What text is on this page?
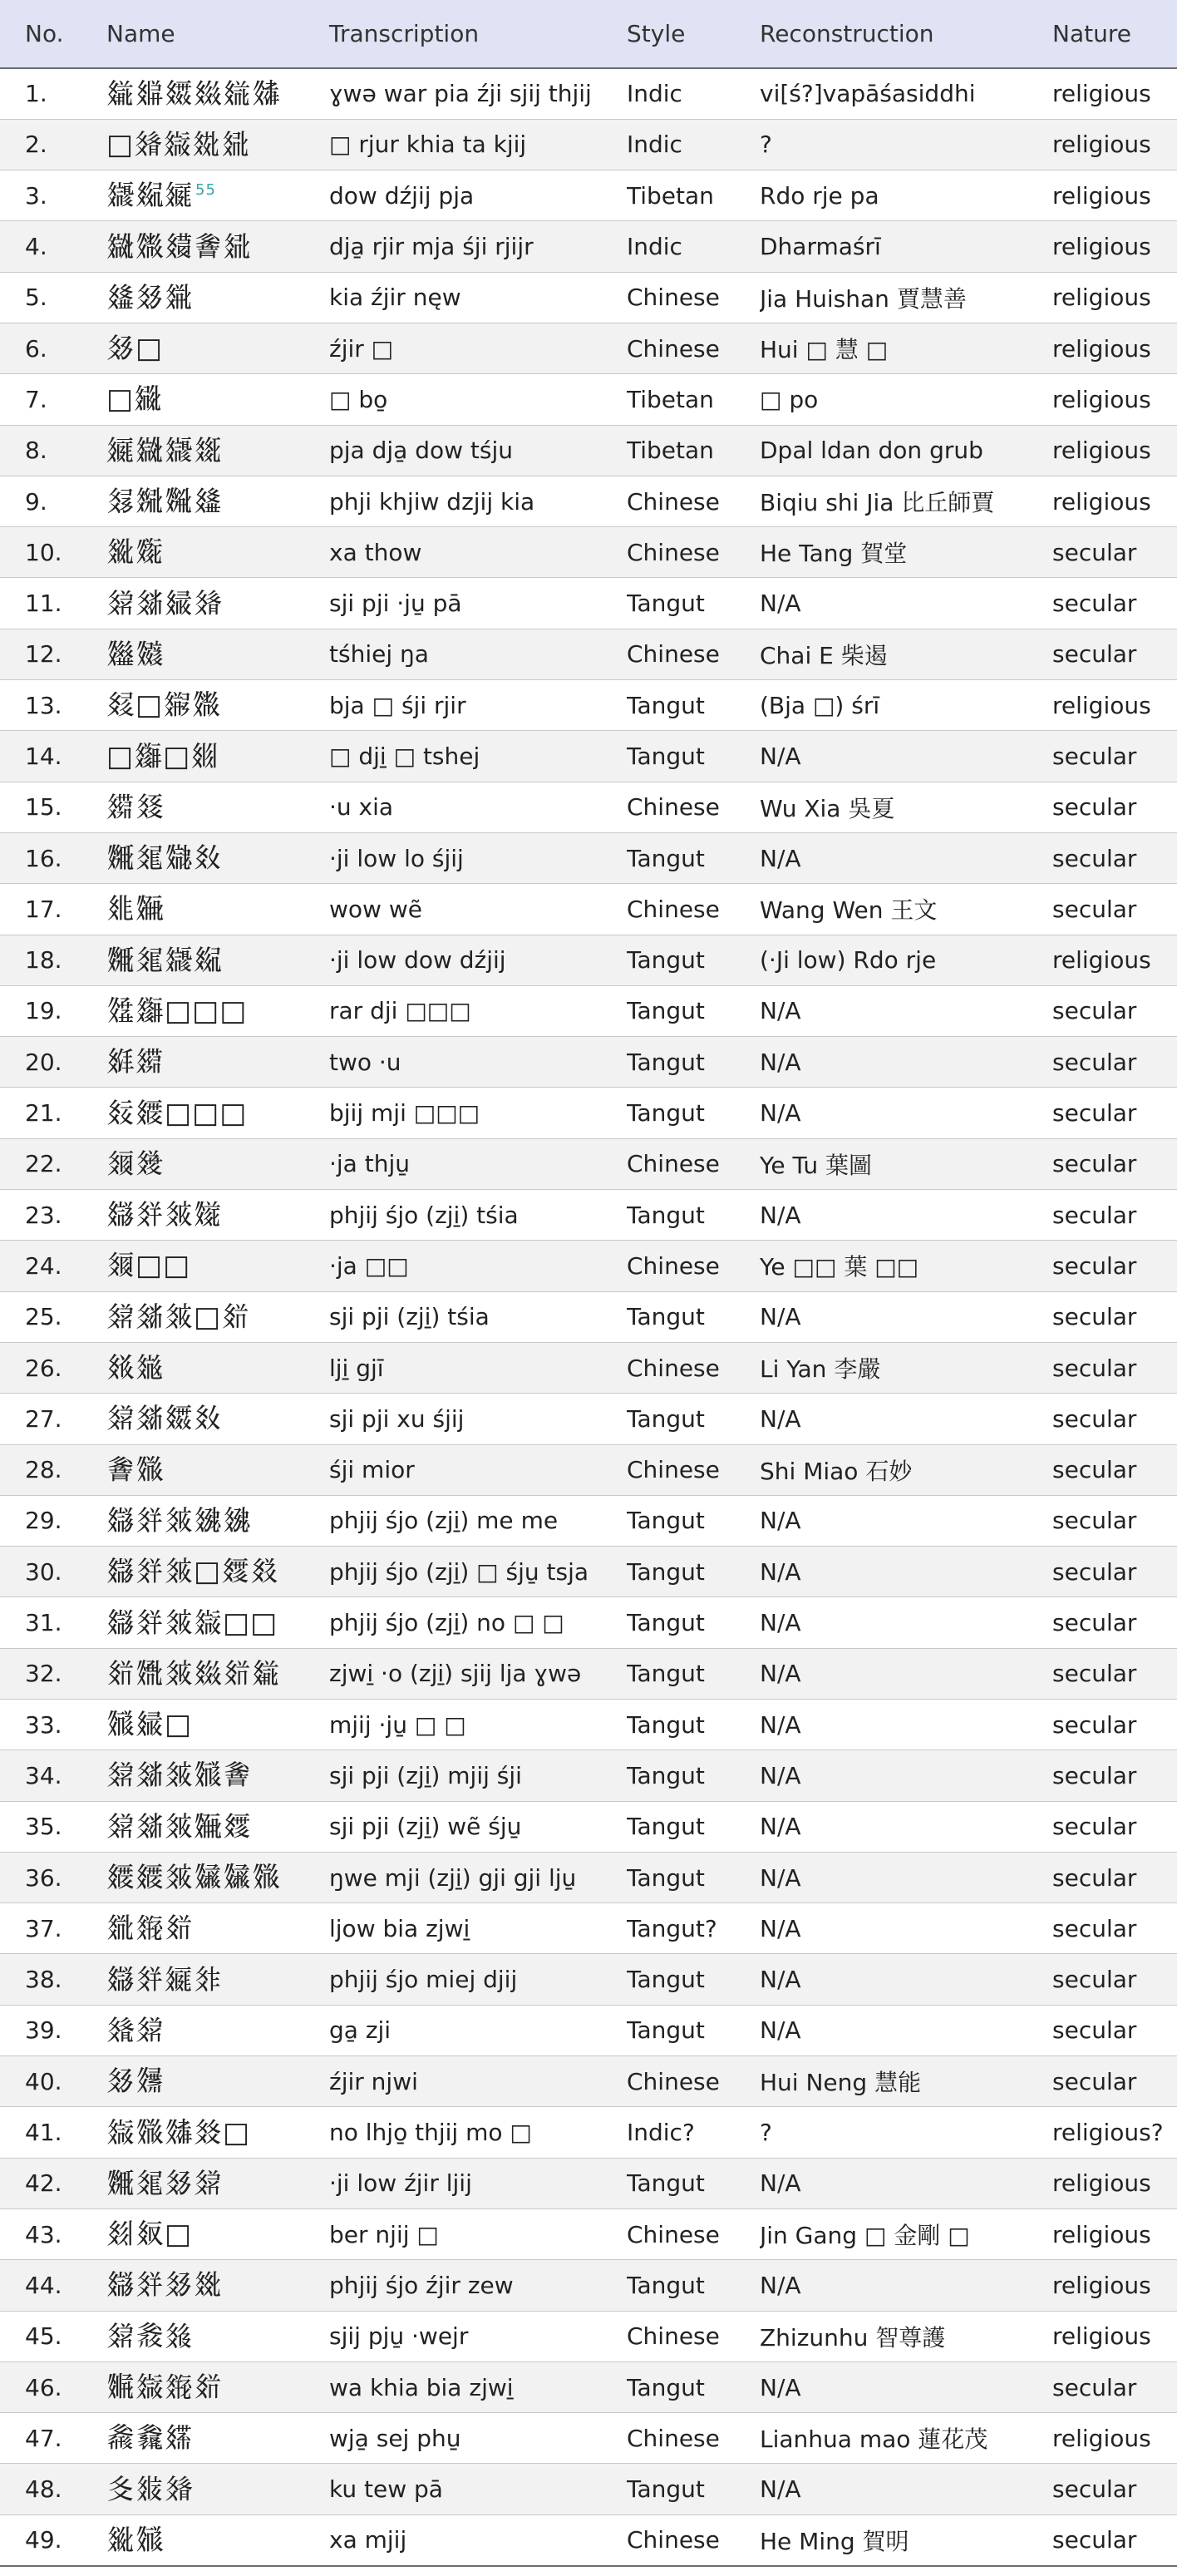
No.	Name	Transcription	Style	Reconstruction	Nature
1.	𗿧𗾺𗿱𗾾𗿂𗽊	ɣwə war pia źji sjij thjij	Indic	vi[ś?]vapāśasiddhi	religious
2.	□𗾼𗿤𗾱𗾦	□ rjur khia ta kjij	Indic	?	religious
3.	𗿼𗾿𗿲 $^{55}$	dow dźjij pja	Tibetan	Rdo rje pa	religious
4.	𗿵𗽯𗿢𗾁𗾦	dja̱ rjir mja śji rjijr	Indic	Dharmaśrī	religious
5.	𗿣𗾇𗿄	kia źjir nęw	Chinese	Jia Huishan 賈慧善	religious
6.	𗾇□	źjir □	Chinese	Hui □ 慧 □	religious
7.	□𗿶	□ bo̱	Tibetan	□ po	religious
8.	𗿲𗿵𗿼𗿔	pja dja̱ dow tśju	Tibetan	Dpal ldan don grub	religious
9.	𗾎𗿎𗽫𗿣	phji khjiw dzjij kia	Chinese	Biqiu shi Jia 比丘師賈	religious
10.	𗿇𗽰	xa thow	Chinese	He Tang 賀堂	secular
11.	𗿈𗾙𗿊𗾼	sji pji ·ju̱ pā	Tangut	N/A	secular
12.	𗽹𗽻	tśhiej ŋa	Chinese	Chai E 柴遏	secular
13.	𗾧□𗿙𗽯	bja □ śji rjir	Tangut	(Bja □) śrī	religious
14.	□𗿺□𗾞	□ dji̱ □ tshej	Tangut	N/A	secular
15.	𗿡𗾭	·u xia	Chinese	Wu Xia 吳夏	secular
16.	𗽪𗾷𗽬𗾈	·ji low lo śjij	Tangut	N/A	secular
17.	𗾓𗽷	wow wẽ	Chinese	Wang Wen 王文	secular
18.	𗽪𗾷𗿼𗾿	·ji low dow dźjij	Tangut	(·Ji low) Rdo rje	religious
19.	𗽩𗿺□□□	rar dji □□□	Tangut	N/A	secular
20.	𗾪𗿡	two ·u	Tangut	N/A	secular
21.	𗾐𗿟□□□	bjij mji □□□	Tangut	N/A	secular
22.	𗾬𗿛	·ja thju̱	Chinese	Ye Tu 葉圖	secular
23.	𗿕𗾗𗾣𗽭	phjij śjo (zji̱) tśia	Tangut	N/A	secular
24.	𗾬□□	·ja □□	Chinese	Ye □□ 葉 □□	secular
25.	𗿈𗾙𗾣□𗾘	sji pji (zji̱) tśia	Tangut	N/A	secular
26.	𗾥𗿁	lji̱ gjī	Chinese	Li Yan 李嚴	secular
27.	𗿈𗾙𗿱𗾈	sji pji xu śjij	Tangut	N/A	secular
28.	𗾁𗽦	śji mior	Chinese	Shi Miao 石妙	secular
29.	𗿕𗾗𗾣𗾸𗾸	phjij śjo (zji̱) me me	Tangut	N/A	secular
30.	𗿕𗾗𗾣□𗿐𗾚	phjij śjo (zji̱) □ śju̱ tsja	Tangut	N/A	secular
31.	𗿕𗾗𗾣𗿤□□	phjij śjo (zji̱) no □ □	Tangut	N/A	secular
32.	𗾘𗽧𗾣𗾾𗾘𗿧	zjwi̱ ·o (zji̱) sjij lja ɣwə	Tangut	N/A	secular
33.	𗽠𗿊□	mjij ·ju̱ □ □	Tangut	N/A	secular
34.	𗿈𗾙𗾣𗽠𗾁	sji pji (zji̱) mjij śji	Tangut	N/A	secular
35.	𗿈𗾙𗾣𗽷𗿐	sji pji (zji̱) wẽ śju̱	Tangut	N/A	secular
36.	𗿟𗿟𗾣𗽶𗽶𗽦	ŋwe mji (zji̱) gji gji lju̱	Tangut	N/A	secular
37.	𗾳𗿥𗾘	ljow bia zjwi̱	Tangut?	N/A	secular
38.	𗿕𗾗𗿲𗾋	phjij śjo miej djij	Tangut	N/A	secular
39.	𗾽𗿈	ga̱ zji	Tangut	N/A	secular
40.	𗾇𗽱	źjir njwi	Chinese	Hui Neng 慧能	secular
41.	𗿤𗽦𗽊𗾕□	no lhjo̱ thjij mo □	Indic?	?	religious?
42.	𗽪𗾷𗾇𗿈	·ji low źjir ljij	Tangut	N/A	religious
43.	𗾔𗾊□	ber njij □	Chinese	Jin Gang □ 金剛 □	religious
44.	𗿕𗾗𗾇𗾰	phjij śjo źjir zew	Tangut	N/A	religious
45.	𗿈𗽾𗾠	sjij pju̱ ·wejr	Chinese	Zhizunhu 智尊護	religious
46.	𗽢𗿤𗿥𗾘	wa khia bia zjwi̱	Tangut	N/A	secular
47.	𗾅𗾃𗿒	wja̱ sej phu̱	Chinese	Lianhua mao 蓮花茂	religious
48.	𗾆𗾯𗾼	ku tew pā	Tangut	N/A	secular
49.	𗿇𗽠	xa mjij	Chinese	He Ming 賀明	secular
